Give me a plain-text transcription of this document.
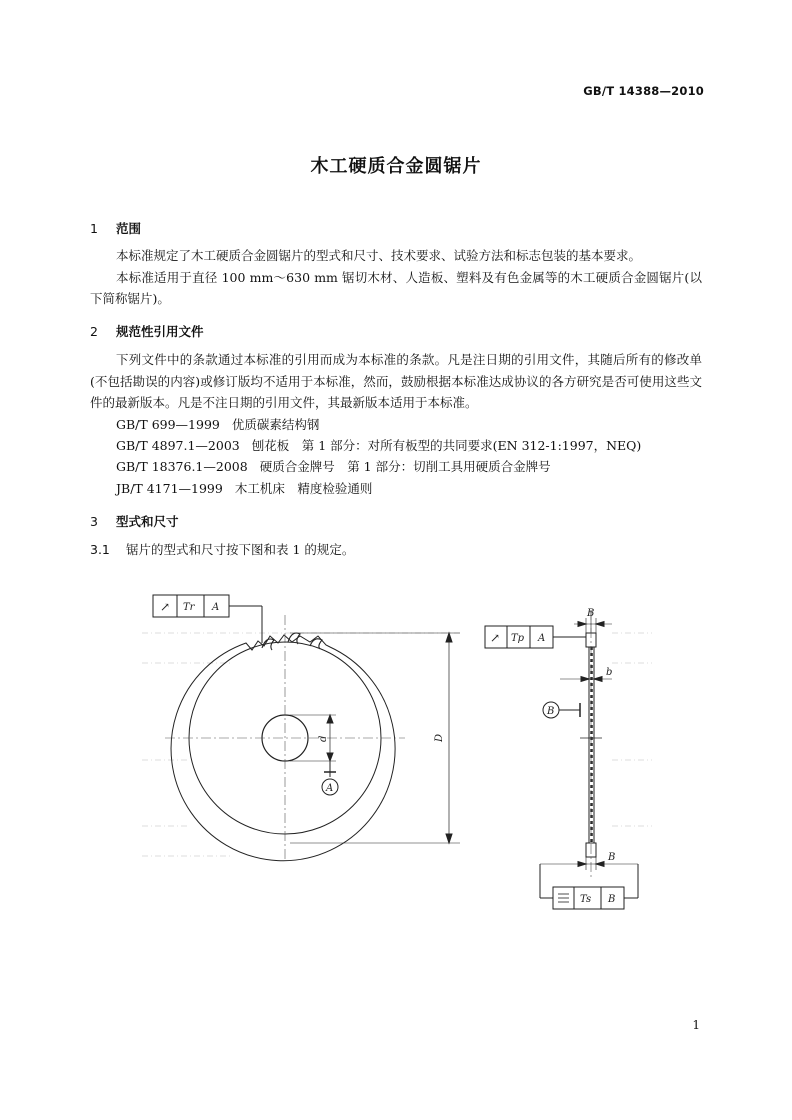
GB/T 14388—2010
木工硬质合金圆锯片
1 范围

本标准规定了木工硬质合金圆锯片的型式和尺寸、技术要求、试验方法和标志包装的基本要求。

本标准适用于直径 100 mm～630 mm 锯切木材、人造板、塑料及有色金属等的木工硬质合金圆锯片(以下简称锯片)。

2 规范性引用文件

下列文件中的条款通过本标准的引用而成为本标准的条款。凡是注日期的引用文件，其随后所有的修改单(不包括勘误的内容)或修订版均不适用于本标准，然而，鼓励根据本标准达成协议的各方研究是否可使用这些文件的最新版本。凡是不注日期的引用文件，其最新版本适用于本标准。

GB/T 699—1999 优质碳素结构钢
GB/T 4897.1—2003 刨花板　第 1 部分：对所有板型的共同要求(EN 312-1:1997，NEQ)
GB/T 18376.1—2008 硬质合金牌号　第 1 部分：切削工具用硬质合金牌号
JB/T 4171—1999 木工机床　精度检验通则
3 型式和尺寸
3.1 锯片的型式和尺寸按下图和表 1 的规定。
↗ Tr A
↗ Tp A
Ts B
D
d
b
B
B
A
B
1
